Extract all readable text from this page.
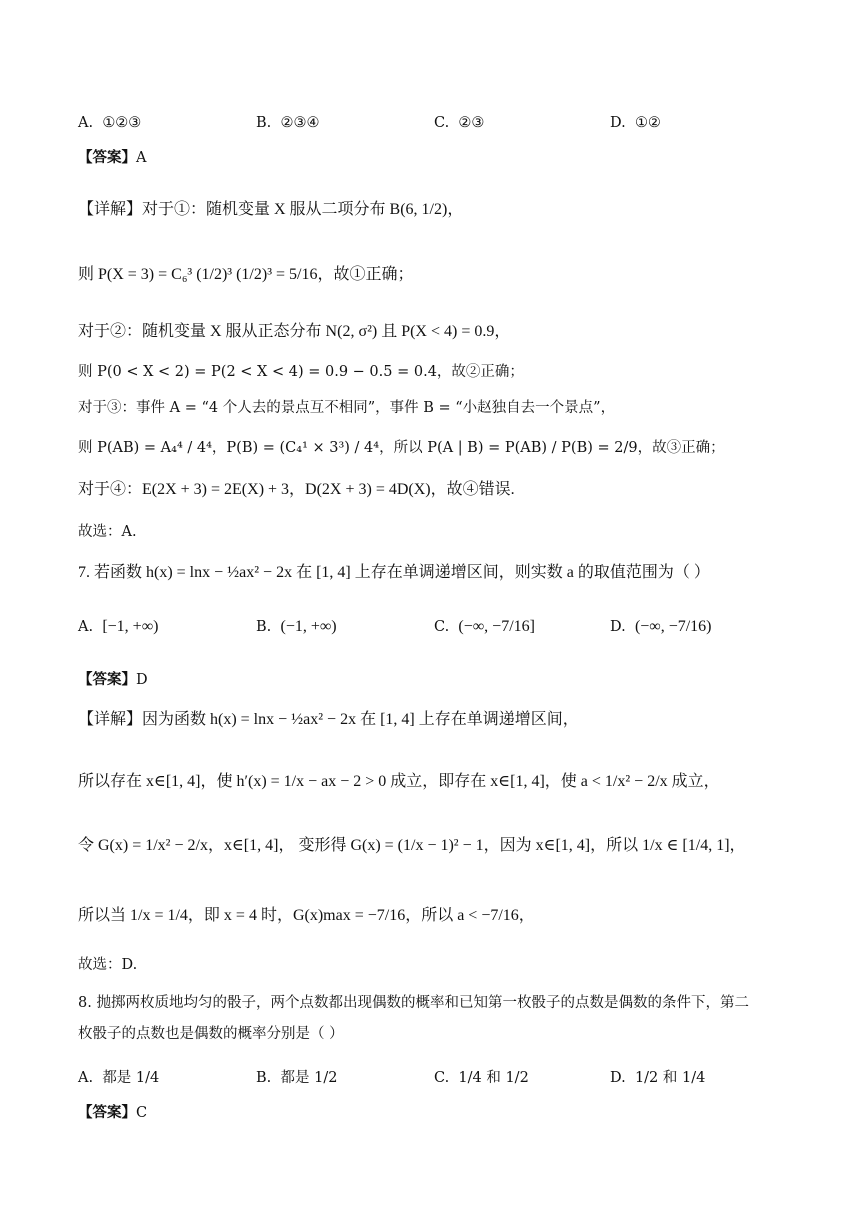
A. ①②③	B. ②③④	C. ②③	D. ①②
【答案】A
【详解】对于①：随机变量 X 服从二项分布 B(6, 1/2)，
则 P(X = 3) = C₆³ (1/2)³ (1/2)³ = 5/16，故①正确；
对于②：随机变量 X 服从正态分布 N(2, σ²) 且 P(X < 4) = 0.9，
则 P(0 < X < 2) = P(2 < X < 4) = 0.9 − 0.5 = 0.4，故②正确；
对于③：事件 A = “4 个人去的景点互不相同”，事件 B = “小赵独自去一个景点”，
则 P(AB) = A₄⁴ / 4⁴，P(B) = (C₄¹ × 3³) / 4⁴，所以 P(A | B) = P(AB) / P(B) = 2/9，故③正确；
对于④：E(2X + 3) = 2E(X) + 3，D(2X + 3) = 4D(X)，故④错误.
故选：A.
7. 若函数 h(x) = lnx − ½ax² − 2x 在 [1, 4] 上存在单调递增区间，则实数 a 的取值范围为（ ）
A. [−1, +∞)	B. (−1, +∞)	C. (−∞, −7/16]	D. (−∞, −7/16)
【答案】D
【详解】因为函数 h(x) = lnx − ½ax² − 2x 在 [1, 4] 上存在单调递增区间，
所以存在 x∈[1, 4]，使 h′(x) = 1/x − ax − 2 > 0 成立，即存在 x∈[1, 4]，使 a < 1/x² − 2/x 成立，
令 G(x) = 1/x² − 2/x，x∈[1, 4]， 变形得 G(x) = (1/x − 1)² − 1，因为 x∈[1, 4]，所以 1/x ∈ [1/4, 1]，
所以当 1/x = 1/4，即 x = 4 时，G(x)max = −7/16，所以 a < −7/16，
故选：D.
8. 抛掷两枚质地均匀的骰子，两个点数都出现偶数的概率和已知第一枚骰子的点数是偶数的条件下，第二
枚骰子的点数也是偶数的概率分别是（ ）
A. 都是 1/4	B. 都是 1/2	C. 1/4 和 1/2	D. 1/2 和 1/4
【答案】C
